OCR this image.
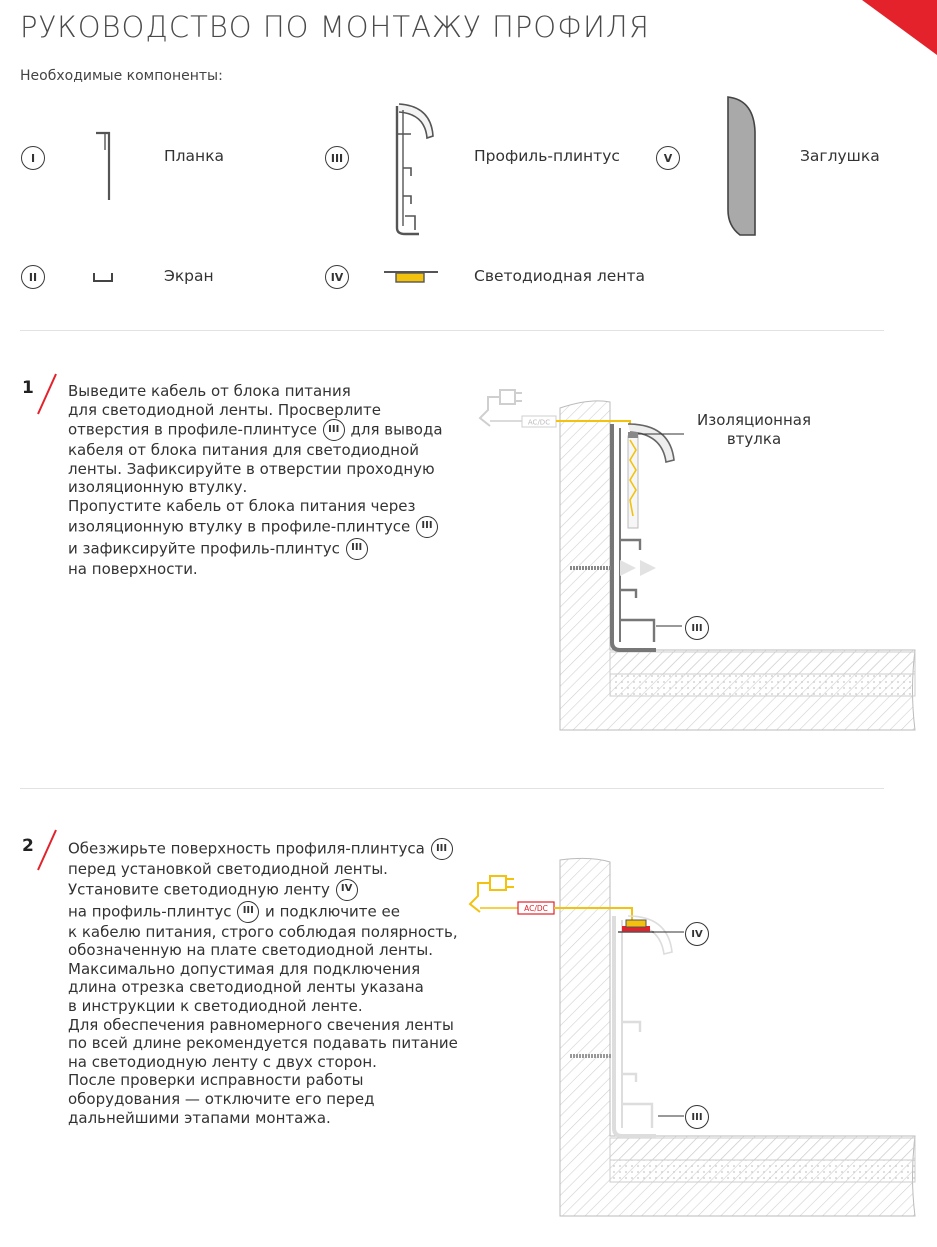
РУКОВОДСТВО ПО МОНТАЖУ ПРОФИЛЯ
Необходимые компоненты:
I	Планка
II	Экран
III	Профиль-плинтус
IV	Светодиодная лента
V	Заглушка
1 Выведите кабель от блока питания
для светодиодной ленты. Просверлите
отверстия в профиле-плинтусе III для вывода
кабеля от блока питания для светодиодной
ленты. Зафиксируйте в отверстии проходную
изоляционную втулку.
Пропустите кабель от блока питания через
изоляционную втулку в профиле-плинтусе III
и зафиксируйте профиль-плинтус III
на поверхности.
AC/DC	Изоляционная
втулка
III
2 Обезжирьте поверхность профиля-плинтуса III
перед установкой светодиодной ленты.
Установите светодиодную ленту IV
на профиль-плинтус III и подключите ее
к кабелю питания, строго соблюдая полярность,
обозначенную на плате светодиодной ленты.
Максимально допустимая для подключения
длина отрезка светодиодной ленты указана
в инструкции к светодиодной ленте.
Для обеспечения равномерного свечения ленты
по всей длине рекомендуется подавать питание
на светодиодную ленту с двух сторон.
После проверки исправности работы
оборудования — отключите его перед
дальнейшими этапами монтажа.
AC/DC
IV
III
